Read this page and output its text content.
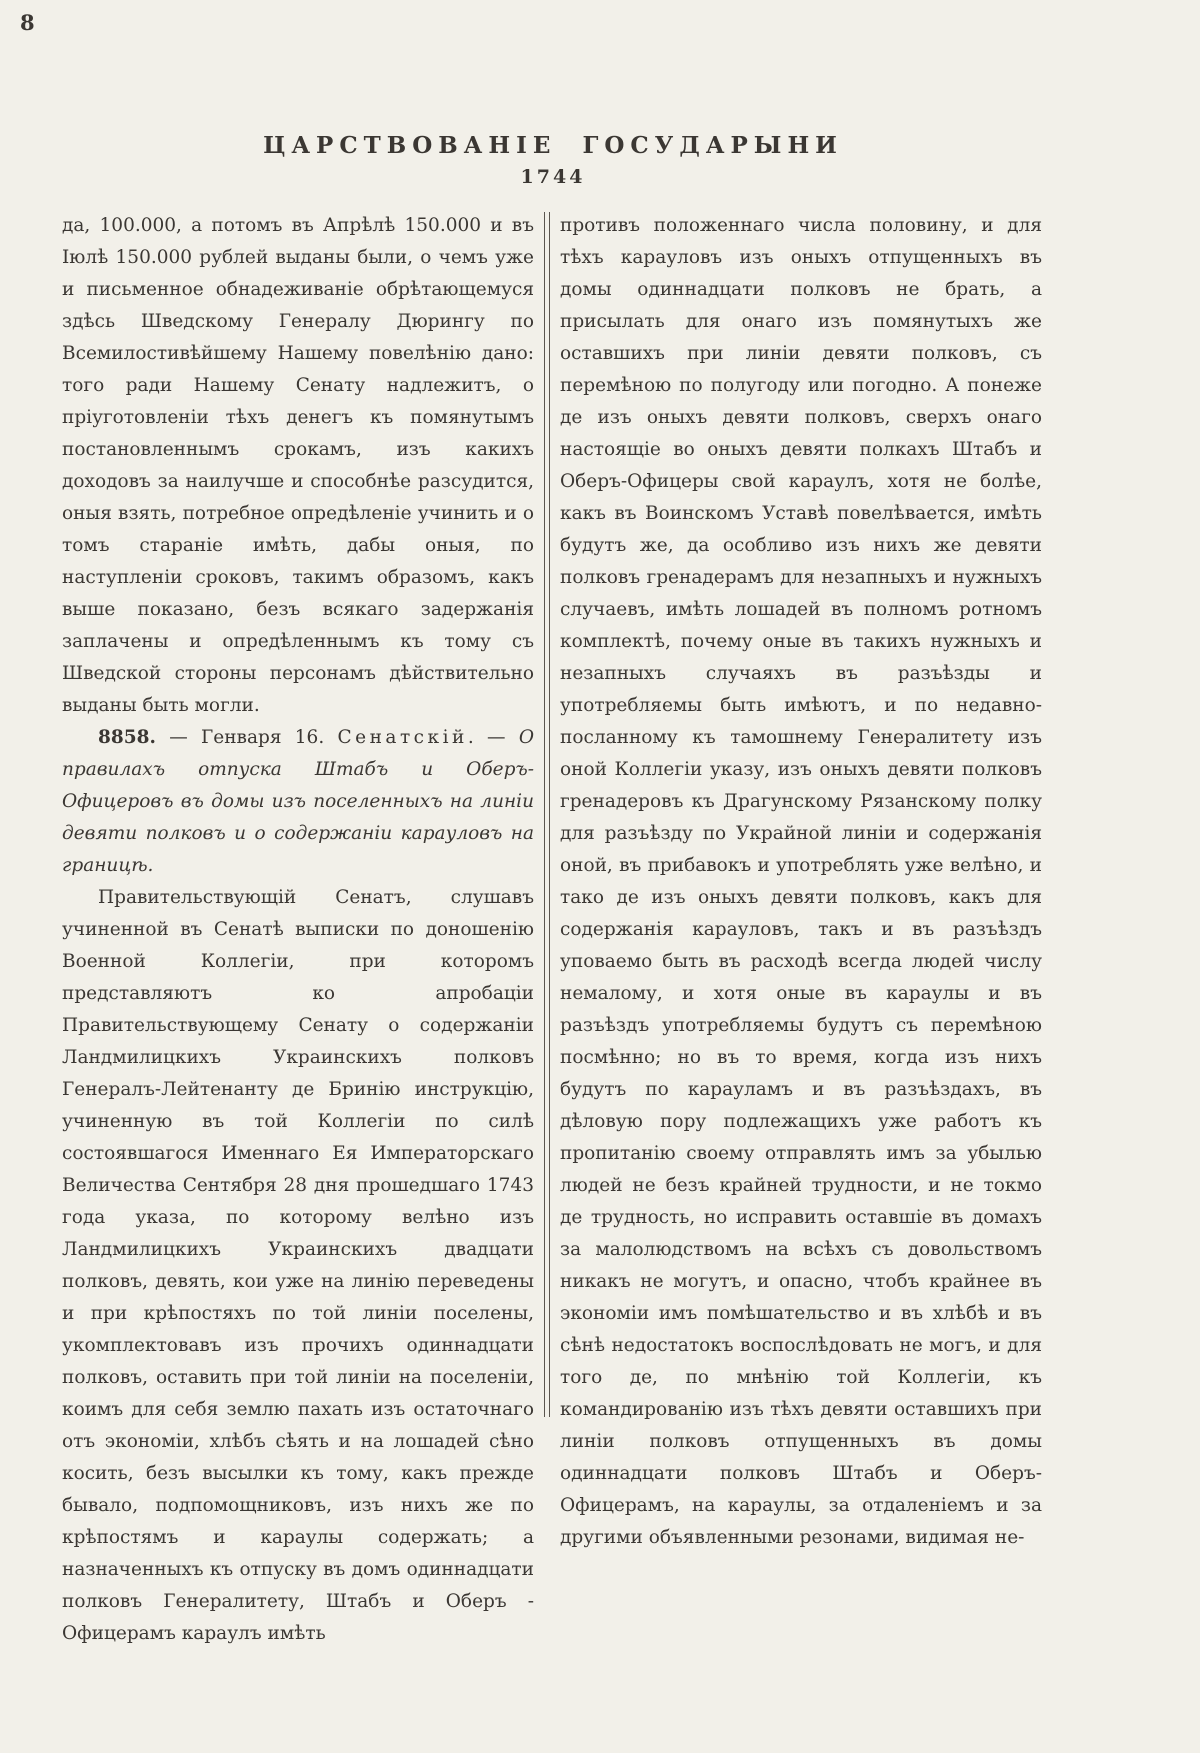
8
ЦАРСТВОВАНІЕ ГОСУДАРЫНИ
1744

да, 100.000, а потомъ въ Апрѣлѣ 150.000 и въ Іюлѣ 150.000 рублей выданы были, о чемъ уже и письменное обнадеживаніе обрѣтающемуся здѣсь Шведскому Генералу Дюрингу по Всемилостивѣйшему Нашему повелѣнію дано: того ради Нашему Сенату надлежитъ, о пріуготовленіи тѣхъ денегъ къ помянутымъ постановленнымъ срокамъ, изъ какихъ доходовъ за наилучше и способнѣе разсудится, оныя взять, потребное опредѣленіе учинить и о томъ стараніе имѣть, дабы оныя, по наступленіи сроковъ, такимъ образомъ, какъ выше показано, безъ всякаго задержанія заплачены и опредѣленнымъ къ тому съ Шведской стороны персонамъ дѣйствительно выданы быть могли.

8858. — Генваря 16. Сенатскій. — О правилахъ отпуска Штабъ и Оберъ-Офицеровъ въ домы изъ поселенныхъ на линіи девяти полковъ и о содержаніи карауловъ на границѣ.

Правительствующій Сенатъ, слушавъ учиненной въ Сенатѣ выписки по доношенію Военной Коллегіи, при которомъ представляютъ ко апробаціи Правительствующему Сенату о содержаніи Ландмилицкихъ Украинскихъ полковъ Генералъ-Лейтенанту де Бринію инструкцію, учиненную въ той Коллегіи по силѣ состоявшагося Именнаго Ея Императорскаго Величества Сентября 28 дня прошедшаго 1743 года указа, по которому велѣно изъ Ландмилицкихъ Украинскихъ двадцати полковъ, девять, кои уже на линію переведены и при крѣпостяхъ по той линіи поселены, укомплектовавъ изъ прочихъ одиннадцати полковъ, оставить при той линіи на поселеніи, коимъ для себя землю пахать изъ остаточнаго отъ экономіи, хлѣбъ сѣять и на лошадей сѣно косить, безъ высылки къ тому, какъ прежде бывало, подпомощниковъ, изъ нихъ же по крѣпостямъ и караулы содержать; а назначенныхъ къ отпуску въ домъ одиннадцати полковъ Генералитету, Штабъ и Оберъ - Офицерамъ караулъ имѣть

противъ положеннаго числа половину, и для тѣхъ карауловъ изъ оныхъ отпущенныхъ въ домы одиннадцати полковъ не брать, а присылать для онаго изъ помянутыхъ же оставшихъ при линіи девяти полковъ, съ перемѣною по полугоду или погодно. А понеже де изъ оныхъ девяти полковъ, сверхъ онаго настоящіе во оныхъ девяти полкахъ Штабъ и Оберъ-Офицеры свой караулъ, хотя не болѣе, какъ въ Воинскомъ Уставѣ повелѣвается, имѣть будутъ же, да особливо изъ нихъ же девяти полковъ гренадерамъ для незапныхъ и нужныхъ случаевъ, имѣть лошадей въ полномъ ротномъ комплектѣ, почему оные въ такихъ нужныхъ и незапныхъ случаяхъ въ разъѣзды и употребляемы быть имѣютъ, и по недавно-посланному къ тамошнему Генералитету изъ оной Коллегіи указу, изъ оныхъ девяти полковъ гренадеровъ къ Драгунскому Рязанскому полку для разъѣзду по Украйной линіи и содержанія оной, въ прибавокъ и употреблять уже велѣно, и тако де изъ оныхъ девяти полковъ, какъ для содержанія карауловъ, такъ и въ разъѣздъ уповаемо быть въ расходѣ всегда людей числу немалому, и хотя оные въ караулы и въ разъѣздъ употребляемы будутъ съ перемѣною посмѣнно; но въ то время, когда изъ нихъ будутъ по карауламъ и въ разъѣздахъ, въ дѣловую пору подлежащихъ уже работъ къ пропитанію своему отправлять имъ за убылью людей не безъ крайней трудности, и не токмо де трудность, но исправить оставшіе въ домахъ за малолюдствомъ на всѣхъ съ довольствомъ никакъ не могутъ, и опасно, чтобъ крайнее въ экономіи имъ помѣшательство и въ хлѣбѣ и въ сѣнѣ недостатокъ воспослѣдовать не могъ, и для того де, по мнѣнію той Коллегіи, къ командированію изъ тѣхъ девяти оставшихъ при линіи полковъ отпущенныхъ въ домы одиннадцати полковъ Штабъ и Оберъ-Офицерамъ, на караулы, за отдаленіемъ и за другими объявленными резонами, видимая не-
